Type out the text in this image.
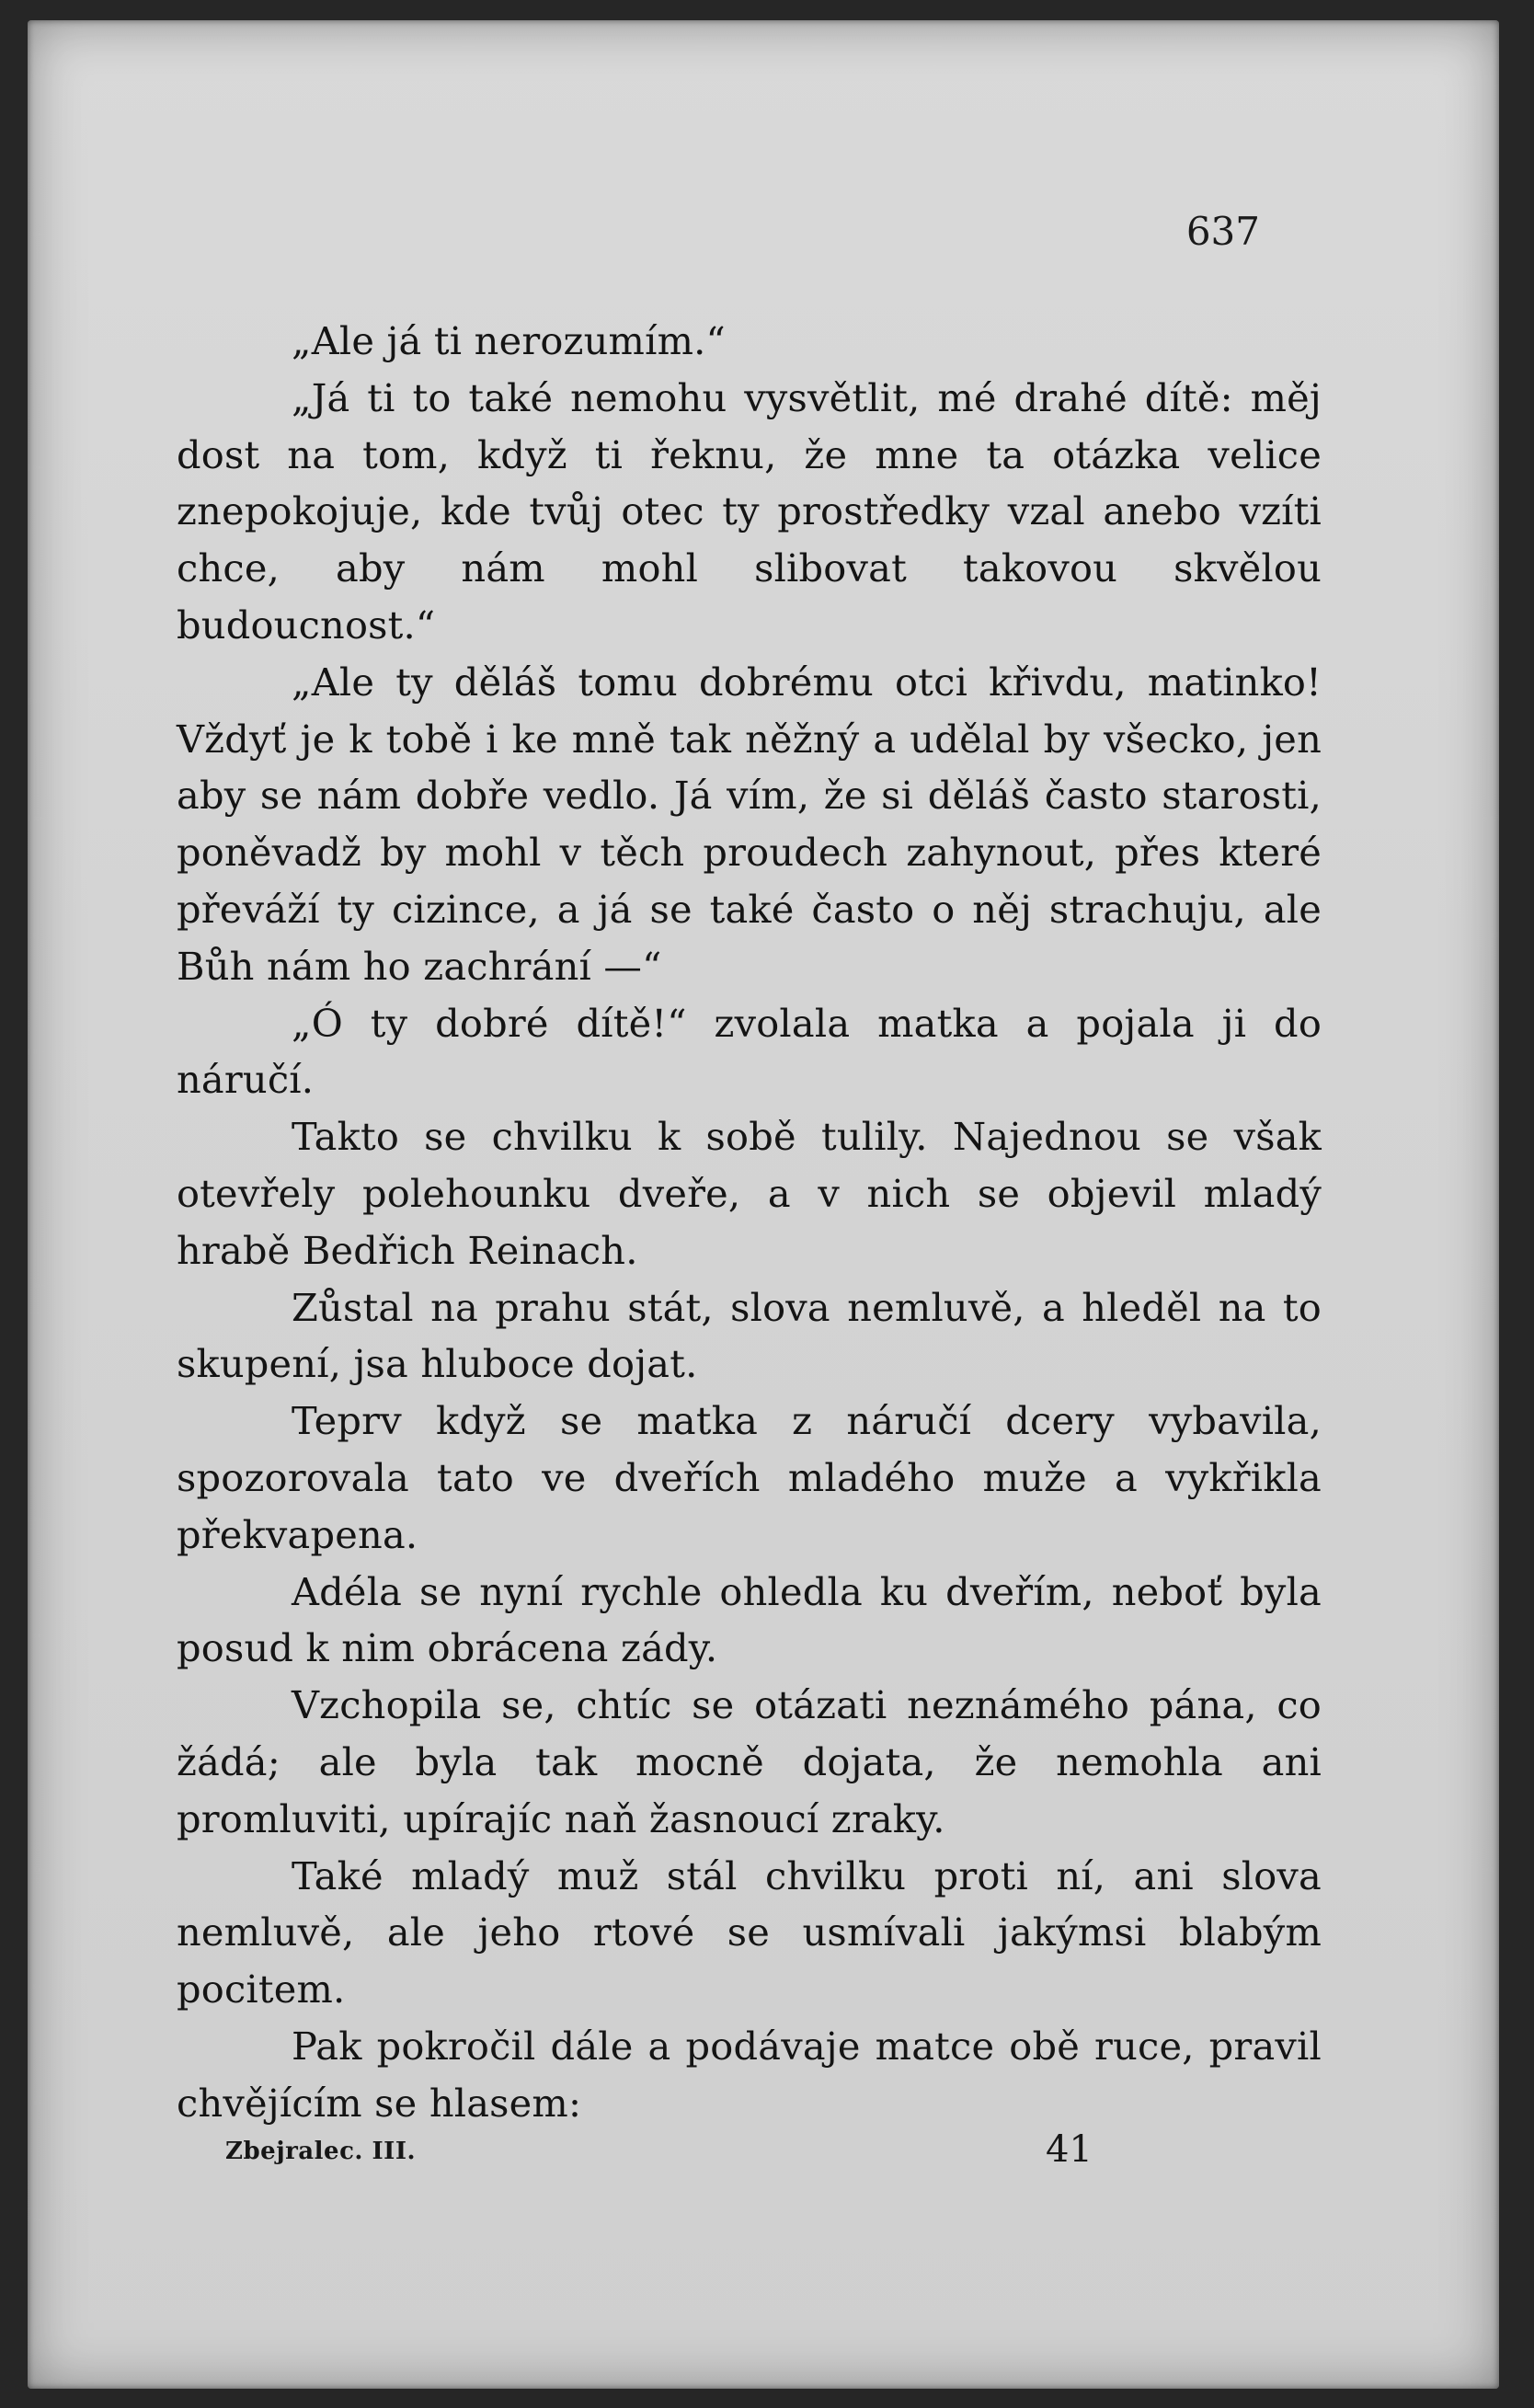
637

„Ale já ti nerozumím.“

„Já ti to také nemohu vysvětlit, mé drahé dítě: měj dost na tom, když ti řeknu, že mne ta otázka velice znepokojuje, kde tvůj otec ty prostředky vzal anebo vzíti chce, aby nám mohl slibovat takovou skvělou budoucnost.“

„Ale ty děláš tomu dobrému otci křivdu, matinko! Vždyť je k tobě i ke mně tak něžný a udělal by všecko, jen aby se nám dobře vedlo. Já vím, že si děláš často starosti, poněvadž by mohl v těch proudech zahynout, přes které převáží ty cizince, a já se také často o něj strachuju, ale Bůh nám ho zachrání —“

„Ó ty dobré dítě!“ zvolala matka a pojala ji do náručí.

Takto se chvilku k sobě tulily. Najednou se však otevřely polehounku dveře, a v nich se objevil mladý hrabě Bedřich Reinach.

Zůstal na prahu stát, slova nemluvě, a hleděl na to skupení, jsa hluboce dojat.

Teprv když se matka z náručí dcery vybavila, spozorovala tato ve dveřích mladého muže a vykřikla překvapena.

Adéla se nyní rychle ohledla ku dveřím, neboť byla posud k nim obrácena zády.

Vzchopila se, chtíc se otázati neznámého pána, co žádá; ale byla tak mocně dojata, že nemohla ani promluviti, upírajíc naň žasnoucí zraky.

Také mladý muž stál chvilku proti ní, ani slova nemluvě, ale jeho rtové se usmívali jakýmsi blabým pocitem.

Pak pokročil dále a podávaje matce obě ruce, pravil chvějícím se hlasem:

Zbejralec. III.	41
